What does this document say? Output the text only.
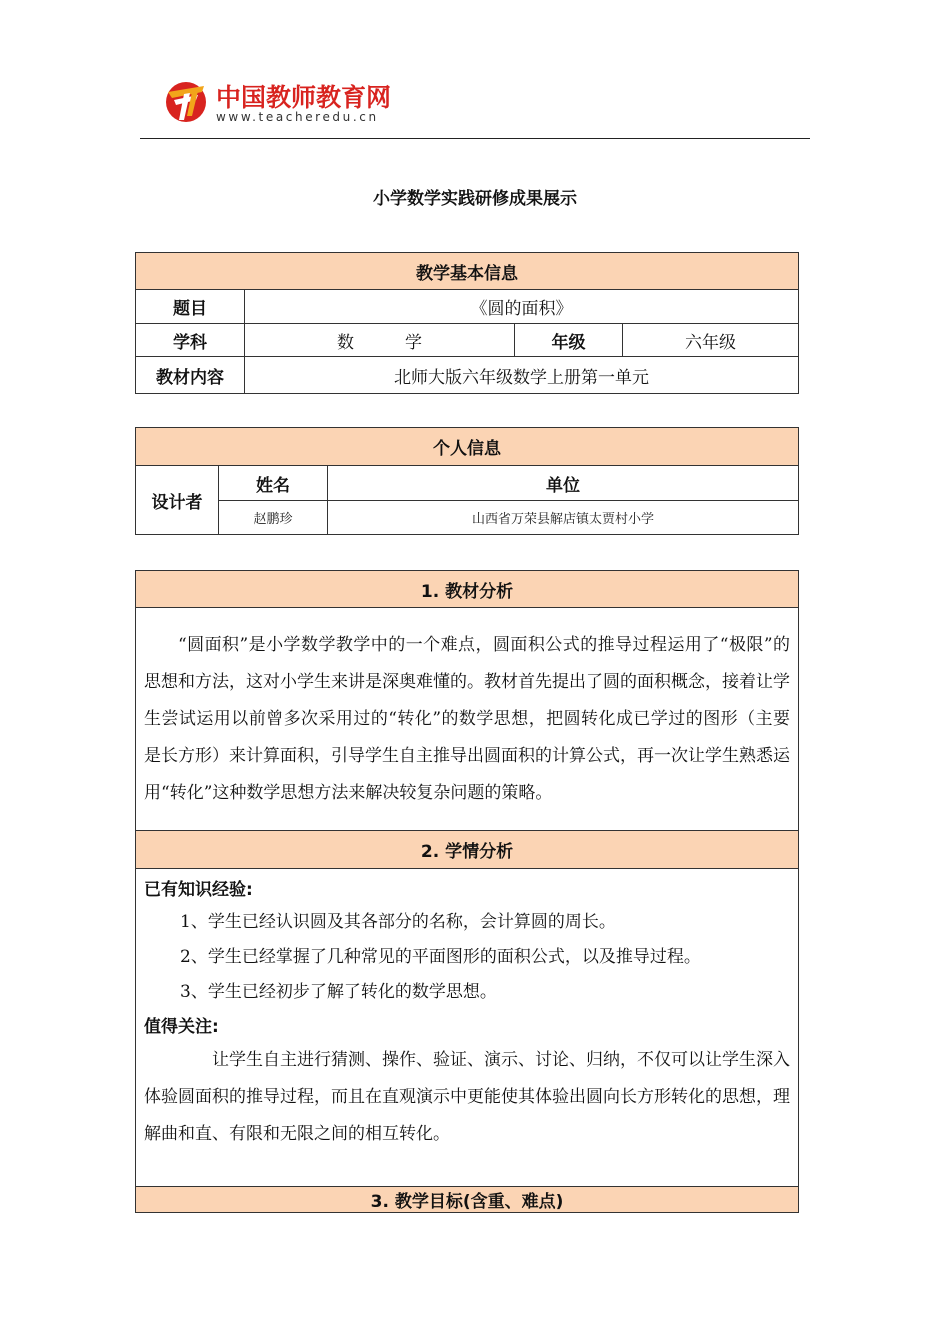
中国教师教育网
www.teacheredu.cn
小学数学实践研修成果展示
教学基本信息			
题目	《圆的面积》		
学科	数　　　学	年级	六年级
教材内容	北师大版六年级数学上册第一单元		
个人信息		
设计者	姓名	单位
	赵鹏珍	山西省万荣县解店镇太贾村小学
1. 教材分析

“圆面积”是小学数学教学中的一个难点，圆面积公式的推导过程运用了“极限”的思想和方法，这对小学生来讲是深奥难懂的。教材首先提出了圆的面积概念，接着让学生尝试运用以前曾多次采用过的“转化”的数学思想，把圆转化成已学过的图形（主要是长方形）来计算面积，引导学生自主推导出圆面积的计算公式，再一次让学生熟悉运用“转化”这种数学思想方法来解决较复杂问题的策略。

2. 学情分析

已有知识经验:
1、学生已经认识圆及其各部分的名称，会计算圆的周长。
2、学生已经掌握了几种常见的平面图形的面积公式，以及推导过程。
3、学生已经初步了解了转化的数学思想。
值得关注:
让学生自主进行猜测、操作、验证、演示、讨论、归纳，不仅可以让学生深入体验圆面积的推导过程，而且在直观演示中更能使其体验出圆向长方形转化的思想，理解曲和直、有限和无限之间的相互转化。

3. 教学目标(含重、难点)
